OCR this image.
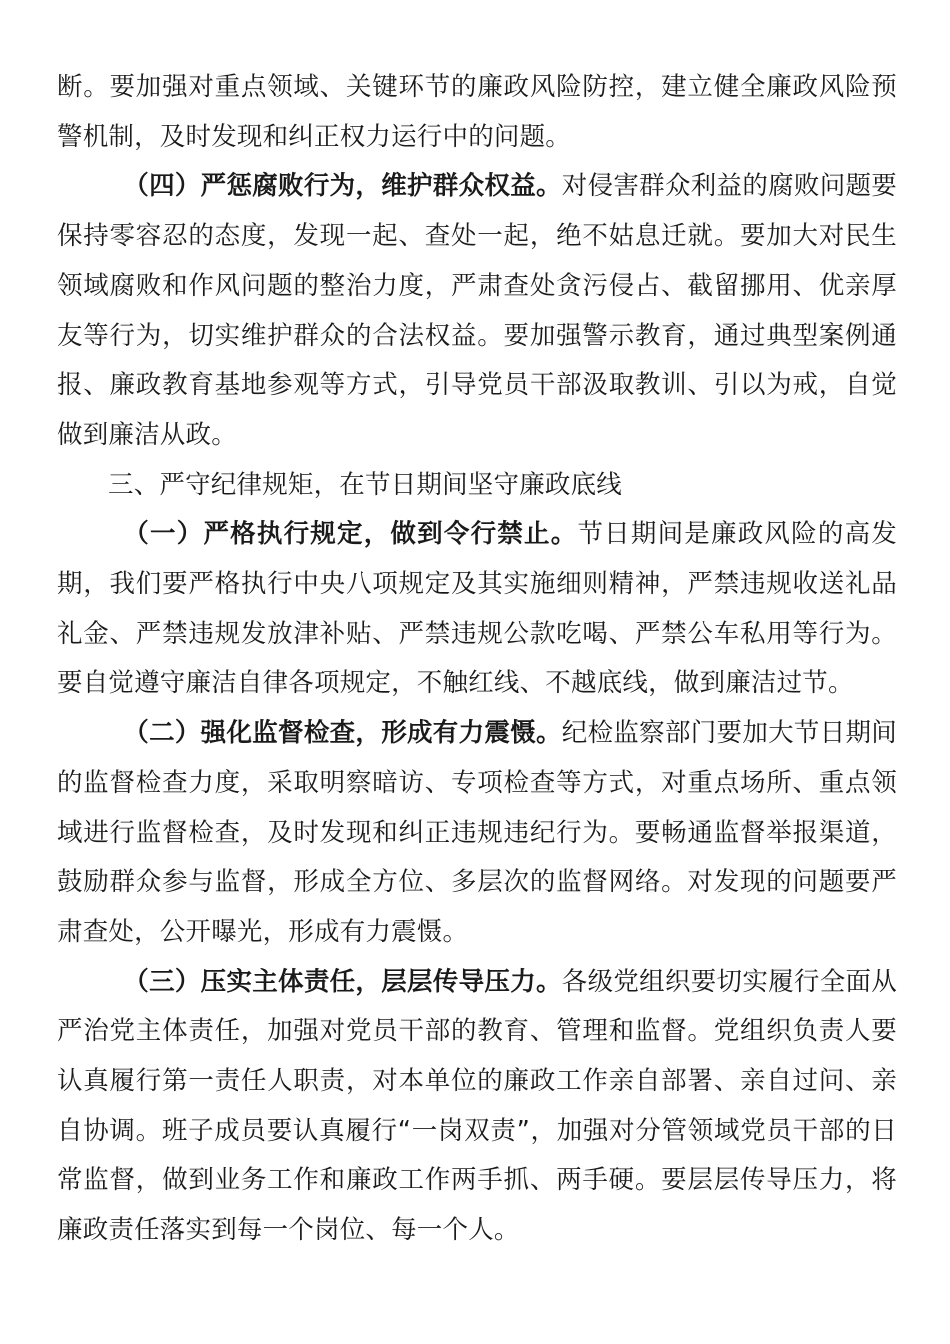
断。要加强对重点领域、关键环节的廉政风险防控，建立健全廉政风险预警机制，及时发现和纠正权力运行中的问题。

（四）严惩腐败行为，维护群众权益。对侵害群众利益的腐败问题要保持零容忍的态度，发现一起、查处一起，绝不姑息迁就。要加大对民生领域腐败和作风问题的整治力度，严肃查处贪污侵占、截留挪用、优亲厚友等行为，切实维护群众的合法权益。要加强警示教育，通过典型案例通报、廉政教育基地参观等方式，引导党员干部汲取教训、引以为戒，自觉做到廉洁从政。

三、严守纪律规矩，在节日期间坚守廉政底线

（一）严格执行规定，做到令行禁止。节日期间是廉政风险的高发期，我们要严格执行中央八项规定及其实施细则精神，严禁违规收送礼品礼金、严禁违规发放津补贴、严禁违规公款吃喝、严禁公车私用等行为。要自觉遵守廉洁自律各项规定，不触红线、不越底线，做到廉洁过节。

（二）强化监督检查，形成有力震慑。纪检监察部门要加大节日期间的监督检查力度，采取明察暗访、专项检查等方式，对重点场所、重点领域进行监督检查，及时发现和纠正违规违纪行为。要畅通监督举报渠道，鼓励群众参与监督，形成全方位、多层次的监督网络。对发现的问题要严肃查处，公开曝光，形成有力震慑。

（三）压实主体责任，层层传导压力。各级党组织要切实履行全面从严治党主体责任，加强对党员干部的教育、管理和监督。党组织负责人要认真履行第一责任人职责，对本单位的廉政工作亲自部署、亲自过问、亲自协调。班子成员要认真履行“一岗双责”，加强对分管领域党员干部的日常监督，做到业务工作和廉政工作两手抓、两手硬。要层层传导压力，将廉政责任落实到每一个岗位、每一个人。
